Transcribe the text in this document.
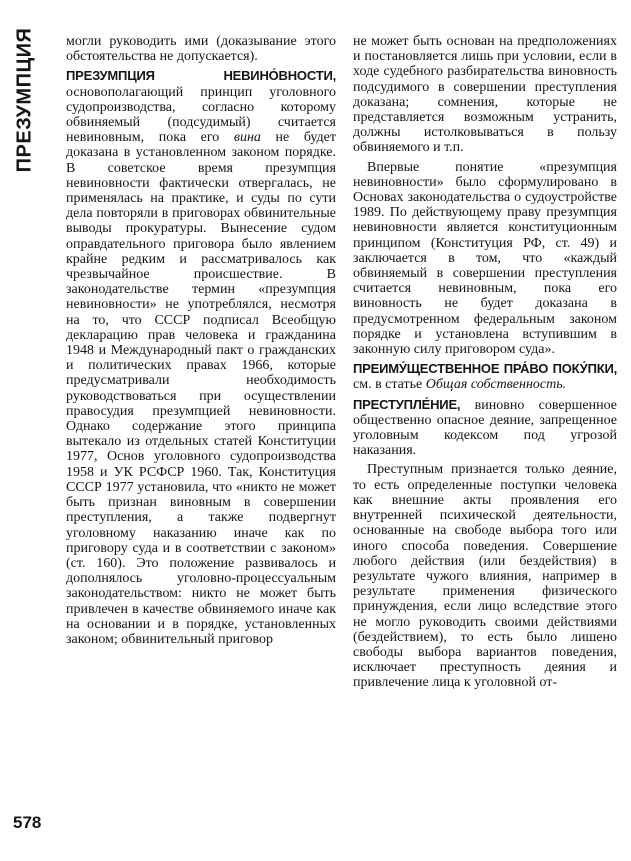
ПРЕЗУМПЦИЯ могли руководить ими (доказывание этого обстоятельства не допускается).

ПРЕЗУМПЦИЯ НЕВИНО́ВНОСТИ, основополагающий принцип уголовного судопроизводства, согласно которому обвиняемый (подсудимый) считается невиновным, пока его вина не будет доказана в установленном законом порядке. В советское время презумпция невиновности фактически отвергалась, не применялась на практике, и суды по сути дела повторяли в приговорах обвинительные выводы прокуратуры. Вынесение судом оправдательного приговора было явлением крайне редким и рассматривалось как чрезвычайное происшествие. В законодательстве термин «презумпция невиновности» не употреблялся, несмотря на то, что СССР подписал Всеобщую декларацию прав человека и гражданина 1948 и Международный пакт о гражданских и политических правах 1966, которые предусматривали необходимость руководствоваться при осуществлении правосудия презумпцией невиновности. Однако содержание этого принципа вытекало из отдельных статей Конституции 1977, Основ уголовного судопроизводства 1958 и УК РСФСР 1960. Так, Конституция СССР 1977 установила, что «никто не может быть признан виновным в совершении преступления, а также подвергнут уголовному наказанию иначе как по приговору суда и в соответствии с законом» (ст. 160). Это положение развивалось и дополнялось уголовно-процессуальным законодательством: никто не может быть привлечен в качестве обвиняемого иначе как на основании и в порядке, установленных законом; обвинительный приговор

не может быть основан на предположениях и постановляется лишь при условии, если в ходе судебного разбирательства виновность подсудимого в совершении преступления доказана; сомнения, которые не представляется возможным устранить, должны истолковываться в пользу обвиняемого и т.п.

Впервые понятие «презумпция невиновности» было сформулировано в Основах законодательства о судоустройстве 1989. По действующему праву презумпция невиновности является конституционным принципом (Конституция РФ, ст. 49) и заключается в том, что «каждый обвиняемый в совершении преступления считается невиновным, пока его виновность не будет доказана в предусмотренном федеральным законом порядке и установлена вступившим в законную силу приговором суда».

ПРЕИМУ́ЩЕСТВЕННОЕ ПРА́ВО ПОКУ́ПКИ, см. в статье Общая собственность.

ПРЕСТУПЛЕ́НИЕ, виновно совершенное общественно опасное деяние, запрещенное уголовным кодексом под угрозой наказания.

Преступным признается только деяние, то есть определенные поступки человека как внешние акты проявления его внутренней психической деятельности, основанные на свободе выбора того или иного способа поведения. Совершение любого действия (или бездействия) в результате чужого влияния, например в результате применения физического принуждения, если лицо вследствие этого не могло руководить своими действиями (бездействием), то есть было лишено свободы выбора вариантов поведения, исключает преступность деяния и привлечение лица к уголовной от-

578
